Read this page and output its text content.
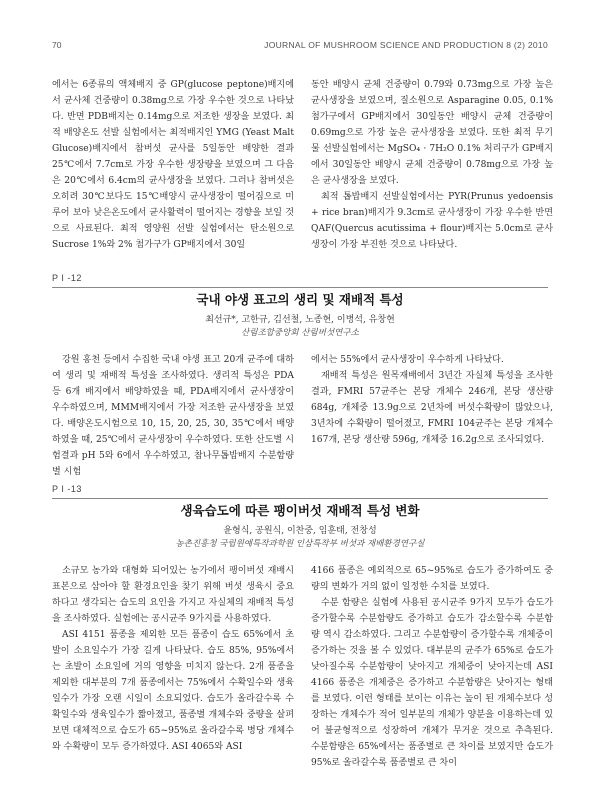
70	JOURNAL OF MUSHROOM SCIENCE AND PRODUCTION 8 (2) 2010

에서는 6종류의 액체배지 중 GP(glucose peptone)배지에서 균사체 건중량이 0.38mg으로 가장 우수한 것으로 나타났다. 반면 PDB배지는 0.14mg으로 저조한 생장을 보였다. 최적 배양온도 선발 실험에서는 최적배지인 YMG (Yeast Malt Glucose)배지에서 참버섯 균사를 5일동안 배양한 결과 25℃에서 7.7cm로 가장 우수한 생장량을 보였으며 그 다음은 20℃에서 6.4cm의 균사생장을 보였다. 그러나 참버섯은 오히려 30℃보다도 15℃배양시 균사생장이 떨어짐으로 미루어 보아 낮은온도에서 균사활력이 떨어지는 경향을 보일 것으로 사료된다. 최적 영양원 선발 실험에서는 탄소원으로 Sucrose 1%와 2% 첨가구가 GP배지에서 30일

동안 배양시 균체 건중량이 0.79와 0.73mg으로 가장 높은 균사생장을 보였으며, 질소원으로 Asparagine 0.05, 0.1% 첨가구에서 GP배지에서 30일동안 배양시 균체 건중량이 0.69mg으로 가장 높은 균사생장을 보였다. 또한 최적 무기물 선발실험에서는 MgSO₄ · 7H₂O 0.1% 처리구가 GP배지에서 30일동안 배양시 균체 건중량이 0.78mg으로 가장 높은 균사생장을 보였다.

최적 톱밥배지 선발실험에서는 PYR(Prunus yedoensis + rice bran)배지가 9.3cm로 균사생장이 가장 우수한 반면 QAF(Quercus acutissima + flour)배지는 5.0cm로 균사생장이 가장 부진한 것으로 나타났다.

P I -12
국내 야생 표고의 생리 및 재배적 특성
최선규*, 고한규, 김선철, 노종현, 이병석, 유창현
산림조합중앙회 산림버섯연구소

강원 홍천 등에서 수집한 국내 야생 표고 20개 균주에 대하여 생리 및 재배적 특성을 조사하였다. 생리적 특성은 PDA 등 6개 배지에서 배양하였을 때, PDA배지에서 균사생장이 우수하였으며, MMM배지에서 가장 저조한 균사생장을 보였다. 배양온도시험으로 10, 15, 20, 25, 30, 35℃에서 배양하였을 때, 25℃에서 균사생장이 우수하였다. 또한 산도별 시험결과 pH 5와 6에서 우수하였고, 참나무톱밥배지 수분함량별 시험

에서는 55%에서 균사생장이 우수하게 나타났다.

재배적 특성은 원목재배에서 3년간 자실체 특성을 조사한 결과, FMRI 57균주는 본당 개체수 246개, 본당 생산량 684g, 개체중 13.9g으로 2년차에 버섯수확량이 많았으나, 3년차에 수확량이 떨어졌고, FMRI 104균주는 본당 개체수 167개, 본당 생산량 596g, 개체중 16.2g으로 조사되었다.

P I -13
생육습도에 따른 팽이버섯 재배적 특성 변화
윤형식, 공원식, 이찬중, 임훈태, 전창성
농촌진흥청 국립원예특작과학원 인삼특작부 버섯과 재배환경연구실

소규모 농가와 대형화 되어있는 농가에서 팽이버섯 재배시 표본으로 삼아야 할 환경요인을 찾기 위해 버섯 생육시 중요하다고 생각되는 습도의 요인을 가지고 자실체의 재배적 특성을 조사하였다. 실험에는 공시균주 9가지를 사용하였다.

ASI 4151 품종을 제외한 모든 품종이 습도 65%에서 초발이 소요일수가 가장 길게 나타났다. 습도 85%, 95%에서는 초발이 소요일에 거의 영향을 미치지 않는다. 2개 품종을 제외한 대부분의 7개 품종에서는 75%에서 수확일수와 생육일수가 가장 오랜 시일이 소요되었다. 습도가 올라갈수록 수확일수와 생육일수가 짧아졌고, 품종별 개체수와 중량을 살펴보면 대체적으로 습도가 65~95%로 올라갈수록 병당 개체수와 수확량이 모두 증가하였다. ASI 4065와 ASI

4166 품종은 예외적으로 65~95%로 습도가 증가하여도 중량의 변화가 거의 없이 일정한 수치를 보였다.

수분 함량은 실험에 사용된 공시균주 9가지 모두가 습도가 증가할수록 수분함량도 증가하고 습도가 감소할수록 수분함량 역시 감소하였다. 그리고 수분함량이 증가할수록 개체중이 증가하는 것을 볼 수 있었다. 대부분의 균주가 65%로 습도가 낮아질수록 수분함량이 낮아지고 개체중이 낮아지는데 ASI 4166 품종은 개체중은 증가하고 수분함량은 낮아지는 형태를 보였다. 이런 형태를 보이는 이유는 높이 된 개체수보다 성장하는 개체수가 적어 일부분의 개체가 양분을 이용하는데 있어 불균형적으로 성장하여 개체가 무거운 것으로 추측된다. 수분함량은 65%에서는 품종별로 큰 차이를 보였지만 습도가 95%로 올라갈수록 품종별로 큰 차이
